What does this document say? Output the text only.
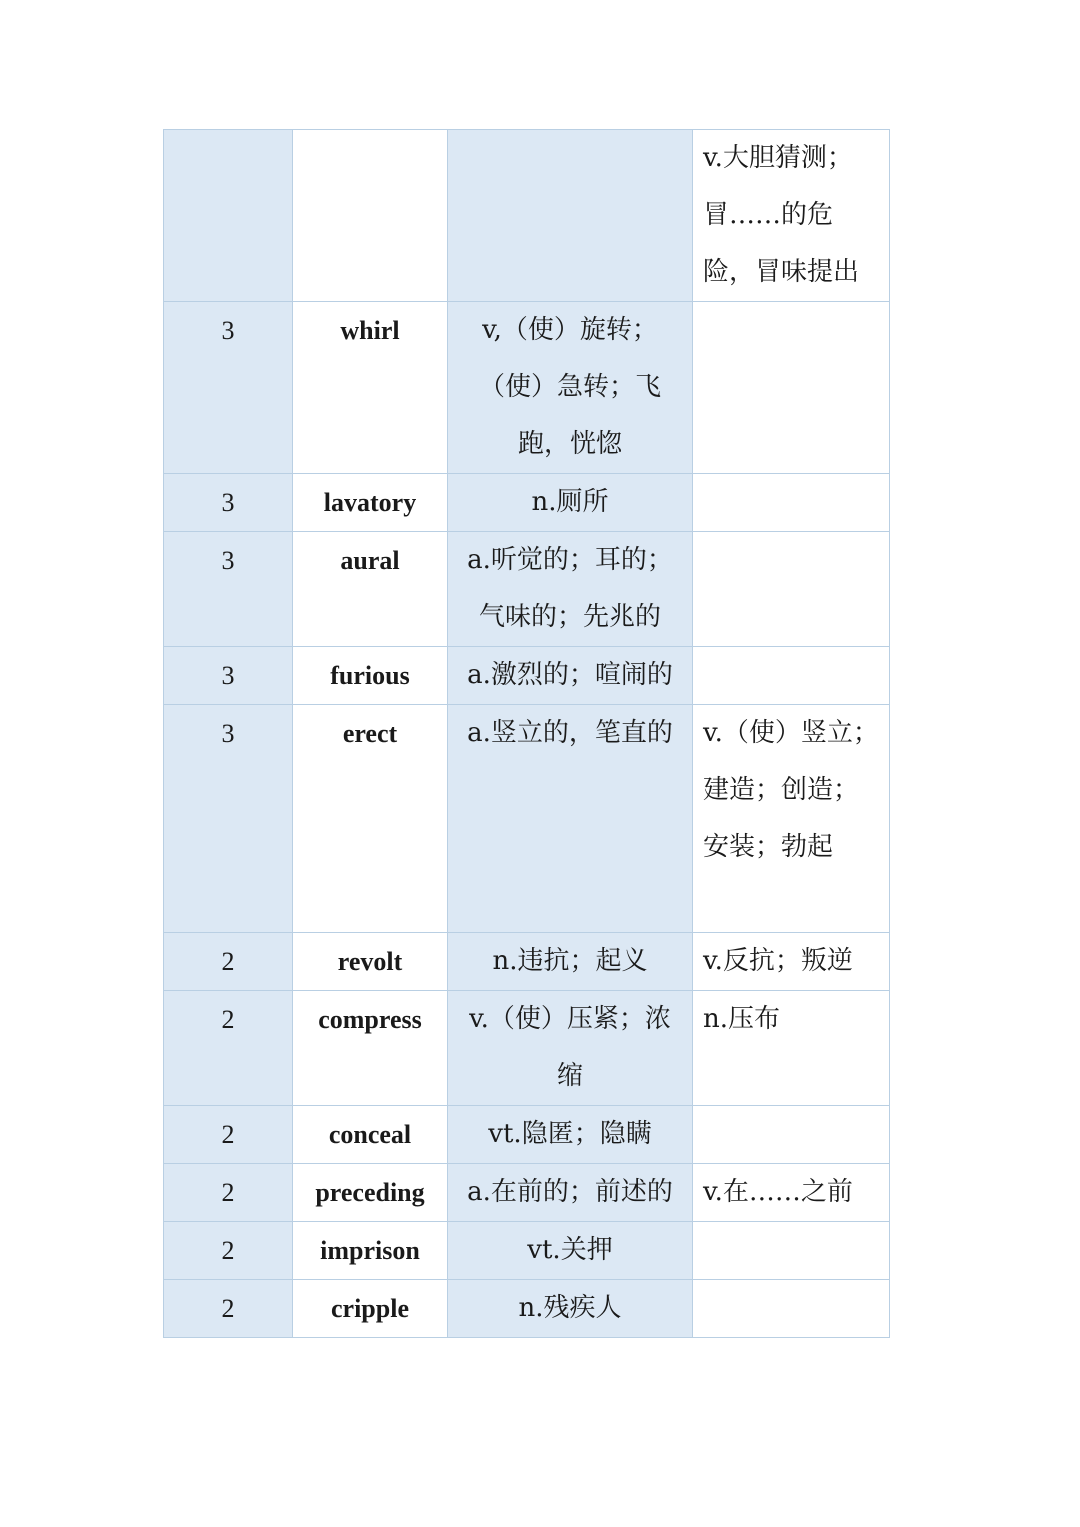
			v.大胆猜测；冒……的危险，冒味提出
3	whirl	v,（使）旋转；（使）急转；飞跑，恍惚	
3	lavatory	n.厕所	
3	aural	a.听觉的；耳的；气味的；先兆的	
3	furious	a.激烈的；喧闹的	
3	erect	a.竖立的，笔直的	v.（使）竖立；建造；创造；安装；勃起
2	revolt	n.违抗；起义	v.反抗；叛逆
2	compress	v.（使）压紧；浓缩	n.压布
2	conceal	vt.隐匿；隐瞒	
2	preceding	a.在前的；前述的	v.在……之前
2	imprison	vt.关押	
2	cripple	n.残疾人	
